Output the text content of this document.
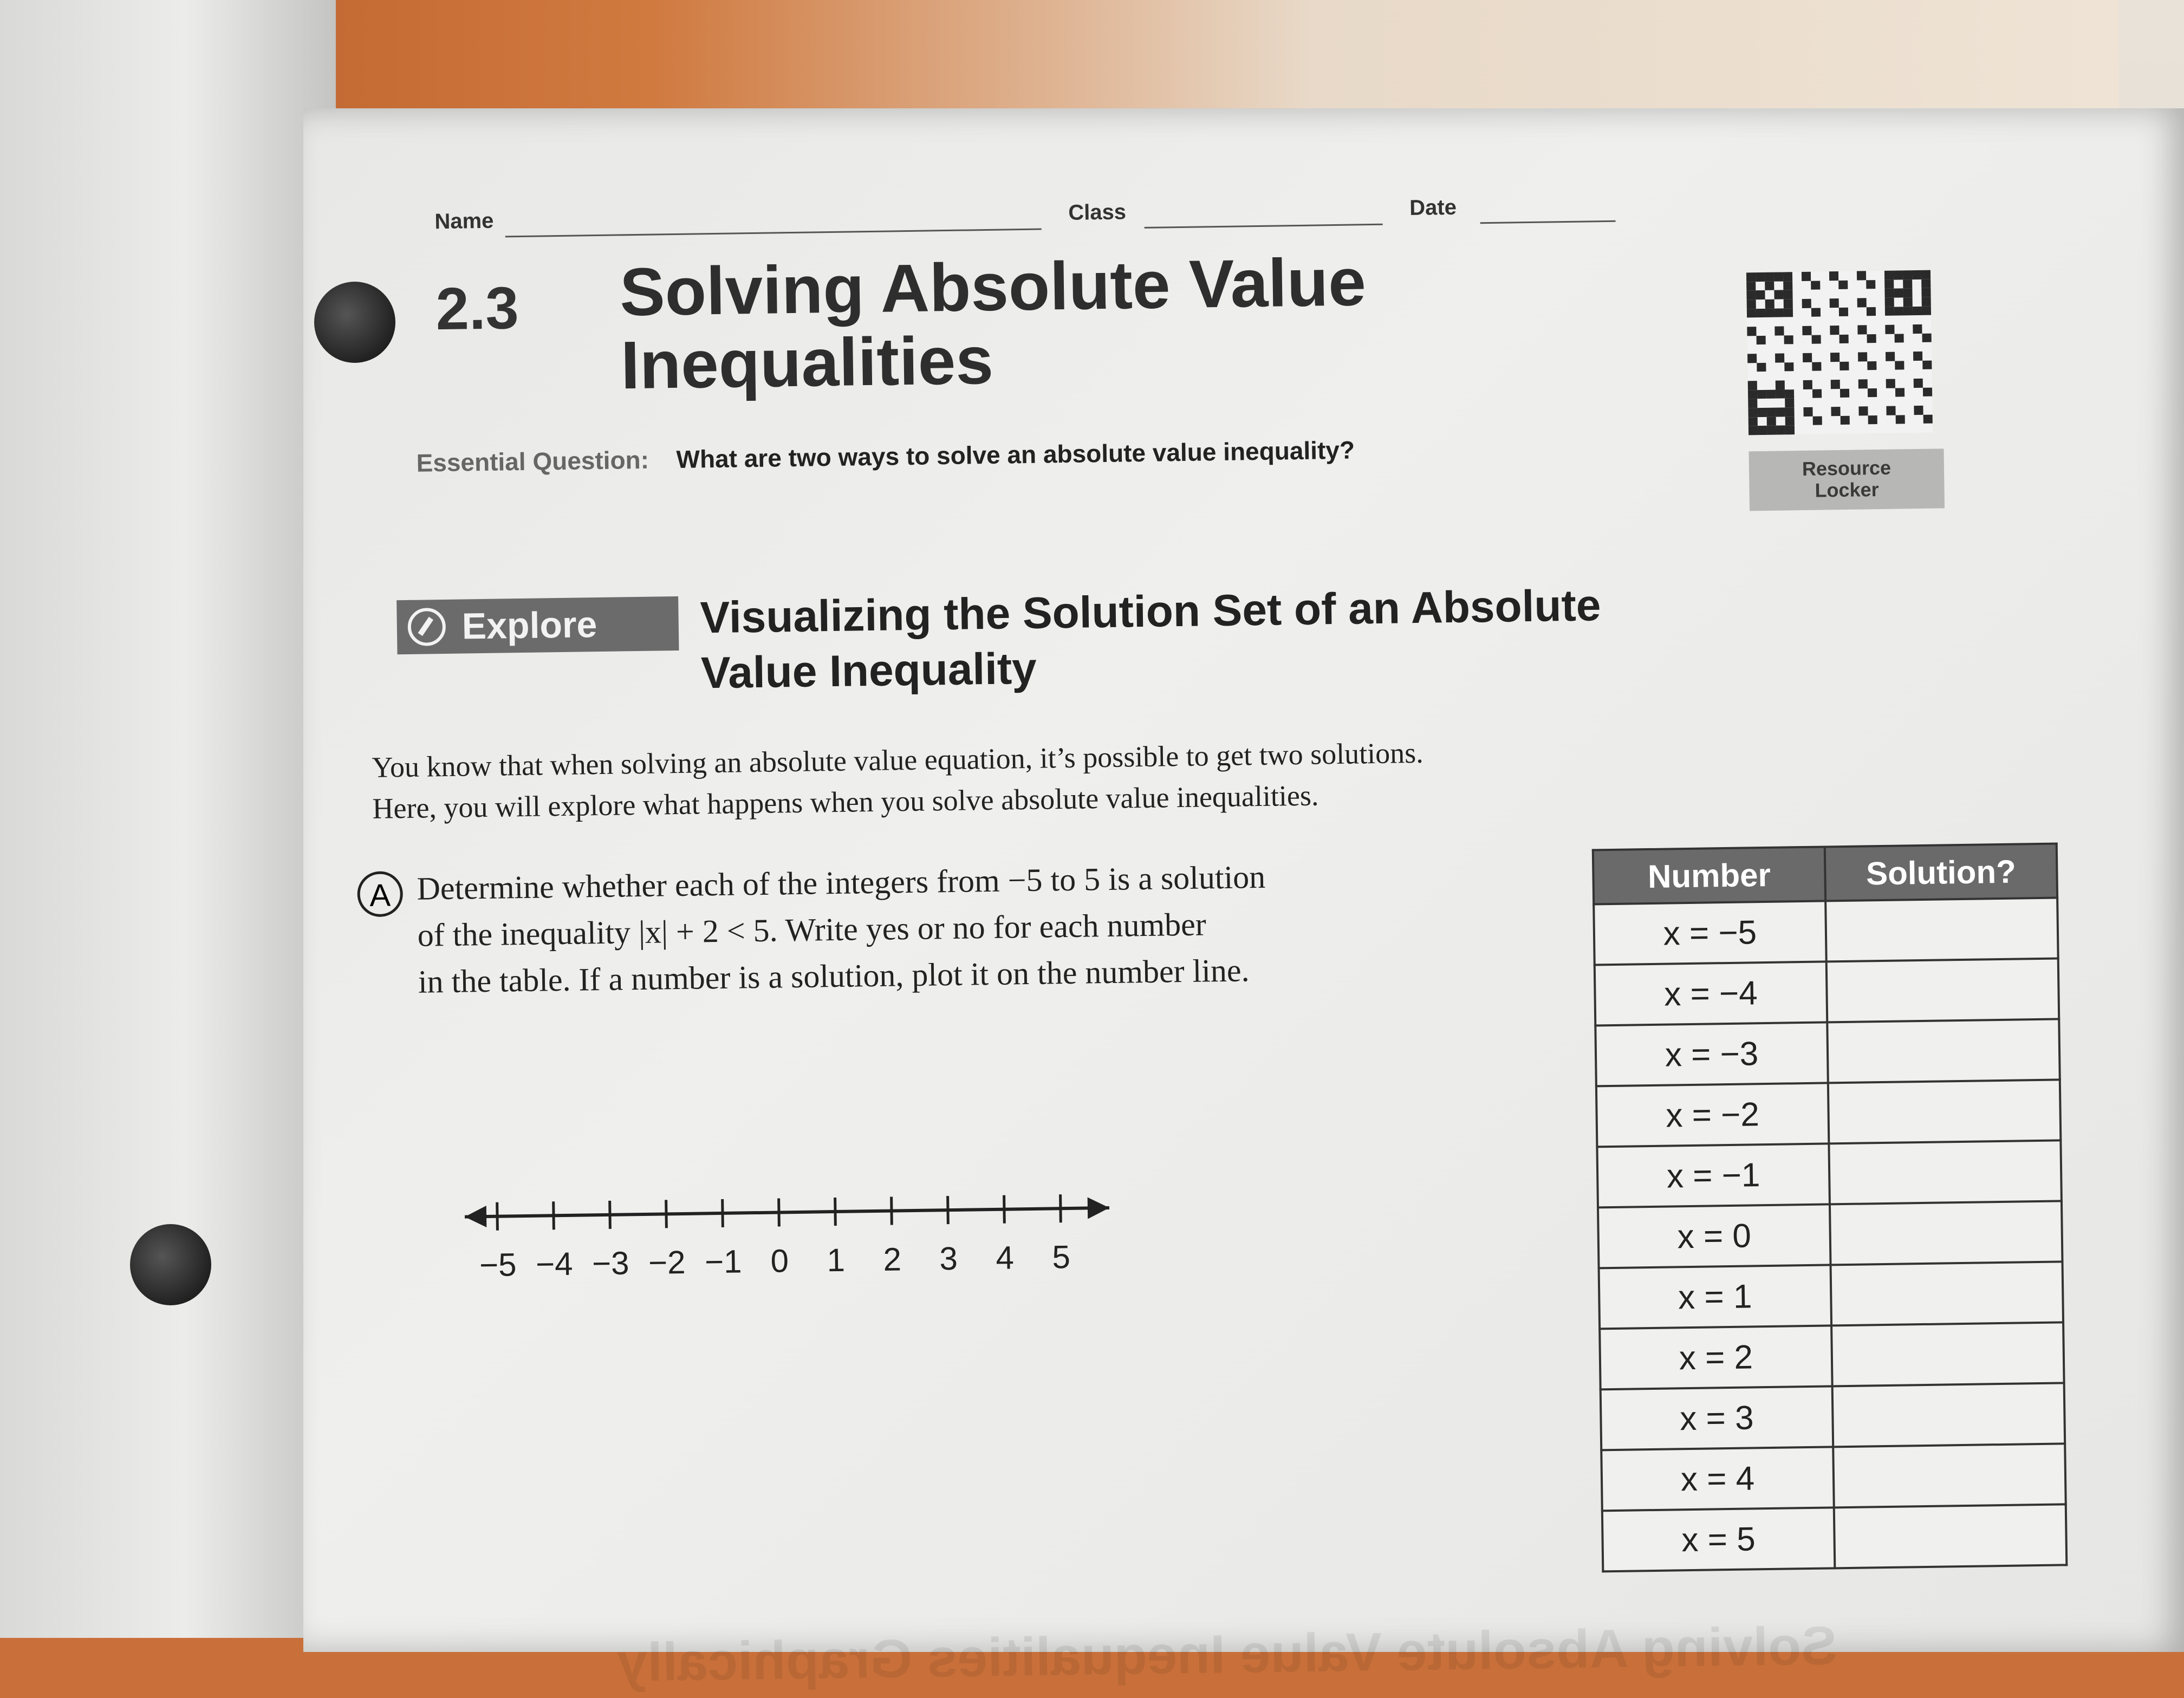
Name	Class	Date
2.3 Solving Absolute Value
Inequalities
Essential Question: What are two ways to solve an absolute value inequality?	Resource
Locker
Explore Visualizing the Solution Set of an Absolute
Value Inequality
You know that when solving an absolute value equation, it’s possible to get two solutions.
Here, you will explore what happens when you solve absolute value inequalities.
A Determine whether each of the integers from −5 to 5 is a solution
of the inequality |x| + 2 < 5. Write yes or no for each number
in the table. If a number is a solution, plot it on the number line.
−5 −4 −3 −2 −1 0 1 2 3 4 5
Number	Solution?
x = −5	
x = −4	
x = −3	
x = −2	
x = −1	
x = 0	
x = 1	
x = 2	
x = 3	
x = 4	
x = 5	
Solving Absolute Value Inequalities Graphically
